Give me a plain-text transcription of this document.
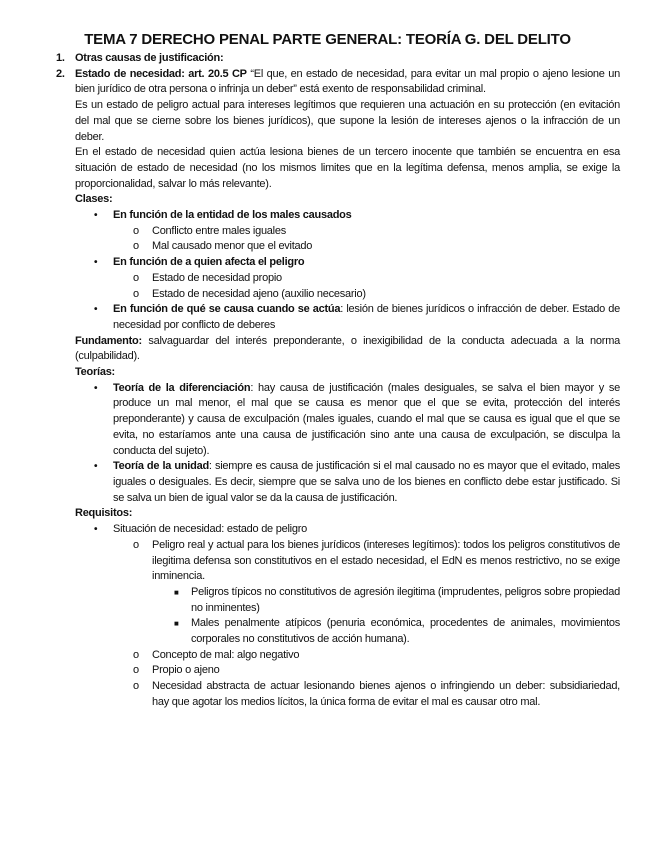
TEMA 7 DERECHO PENAL PARTE GENERAL: TEORÍA G. DEL DELITO
1. Otras causas de justificación:
2. Estado de necesidad: art. 20.5 CP “El que, en estado de necesidad, para evitar un mal propio o ajeno lesione un bien jurídico de otra persona o infrinja un deber” está exento de responsabilidad criminal.
Es un estado de peligro actual para intereses legítimos que requieren una actuación en su protección (en evitación del mal que se cierne sobre los bienes jurídicos), que supone la lesión de intereses ajenos o la infracción de un deber.
En el estado de necesidad quien actúa lesiona bienes de un tercero inocente que también se encuentra en esa situación de estado de necesidad (no los mismos limites que en la legítima defensa, menos amplia, se exige la proporcionalidad, salvar lo más relevante).
Clases:
• En función de la entidad de los males causados
o Conflicto entre males iguales
o Mal causado menor que el evitado
• En función de a quien afecta el peligro
o Estado de necesidad propio
o Estado de necesidad ajeno (auxilio necesario)
• En función de qué se causa cuando se actúa: lesión de bienes jurídicos o infracción de deber. Estado de necesidad por conflicto de deberes
Fundamento: salvaguardar del interés preponderante, o inexigibilidad de la conducta adecuada a la norma (culpabilidad).
Teorías:
• Teoría de la diferenciación: hay causa de justificación (males desiguales, se salva el bien mayor y se produce un mal menor, el mal que se causa es menor que el que se evita, protección del interés preponderante) y causa de exculpación (males iguales, cuando el mal que se causa es igual que el que se evita, no estaríamos ante una causa de justificación sino ante una causa de exculpación, se disculpa la conducta del sujeto).
• Teoría de la unidad: siempre es causa de justificación si el mal causado no es mayor que el evitado, males iguales o desiguales. Es decir, siempre que se salva uno de los bienes en conflicto debe estar justificado. Si se salva un bien de igual valor se da la causa de justificación.
Requisitos:
• Situación de necesidad: estado de peligro
o Peligro real y actual para los bienes jurídicos (intereses legítimos): todos los peligros constitutivos de ilegitima defensa son constitutivos en el estado necesidad, el EdN es menos restrictivo, no se exige inminencia.
■ Peligros típicos no constitutivos de agresión ilegitima (imprudentes, peligros sobre propiedad no inminentes)
■ Males penalmente atípicos (penuria económica, procedentes de animales, movimientos corporales no constitutivos de acción humana).
o Concepto de mal: algo negativo
o Propio o ajeno
o Necesidad abstracta de actuar lesionando bienes ajenos o infringiendo un deber: subsidiariedad, hay que agotar los medios lícitos, la única forma de evitar el mal es causar otro mal.
